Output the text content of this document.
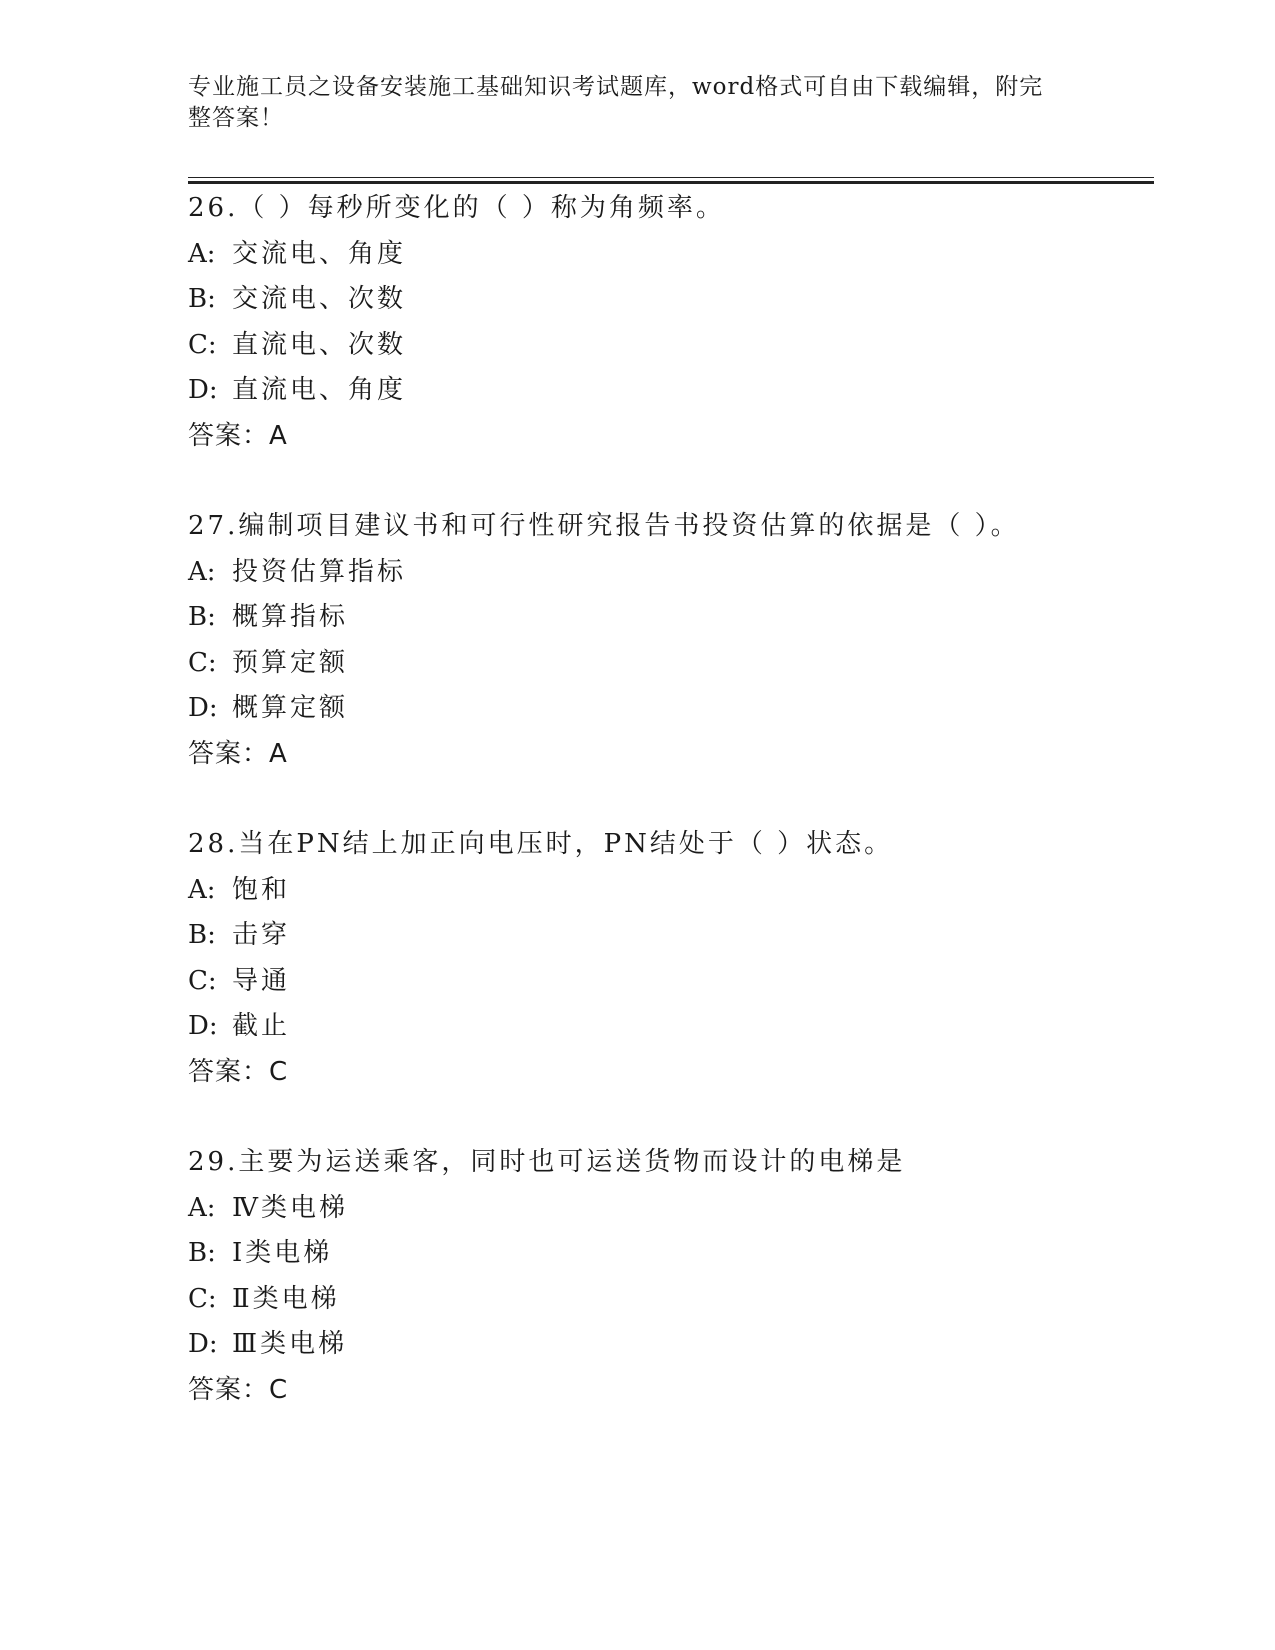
专业施工员之设备安装施工基础知识考试题库，word格式可自由下载编辑，附完
整答案！
26.（ ）每秒所变化的（ ）称为角频率。
A: 交流电、角度
B: 交流电、次数
C: 直流电、次数
D: 直流电、角度
答案：A
27.编制项目建议书和可行性研究报告书投资估算的依据是（ ）。
A: 投资估算指标
B: 概算指标
C: 预算定额
D: 概算定额
答案：A
28.当在PN结上加正向电压时，PN结处于（ ）状态。
A: 饱和
B: 击穿
C: 导通
D: 截止
答案：C
29.主要为运送乘客，同时也可运送货物而设计的电梯是
A: Ⅳ类电梯
B: Ⅰ类电梯
C: Ⅱ类电梯
D: Ⅲ类电梯
答案：C
